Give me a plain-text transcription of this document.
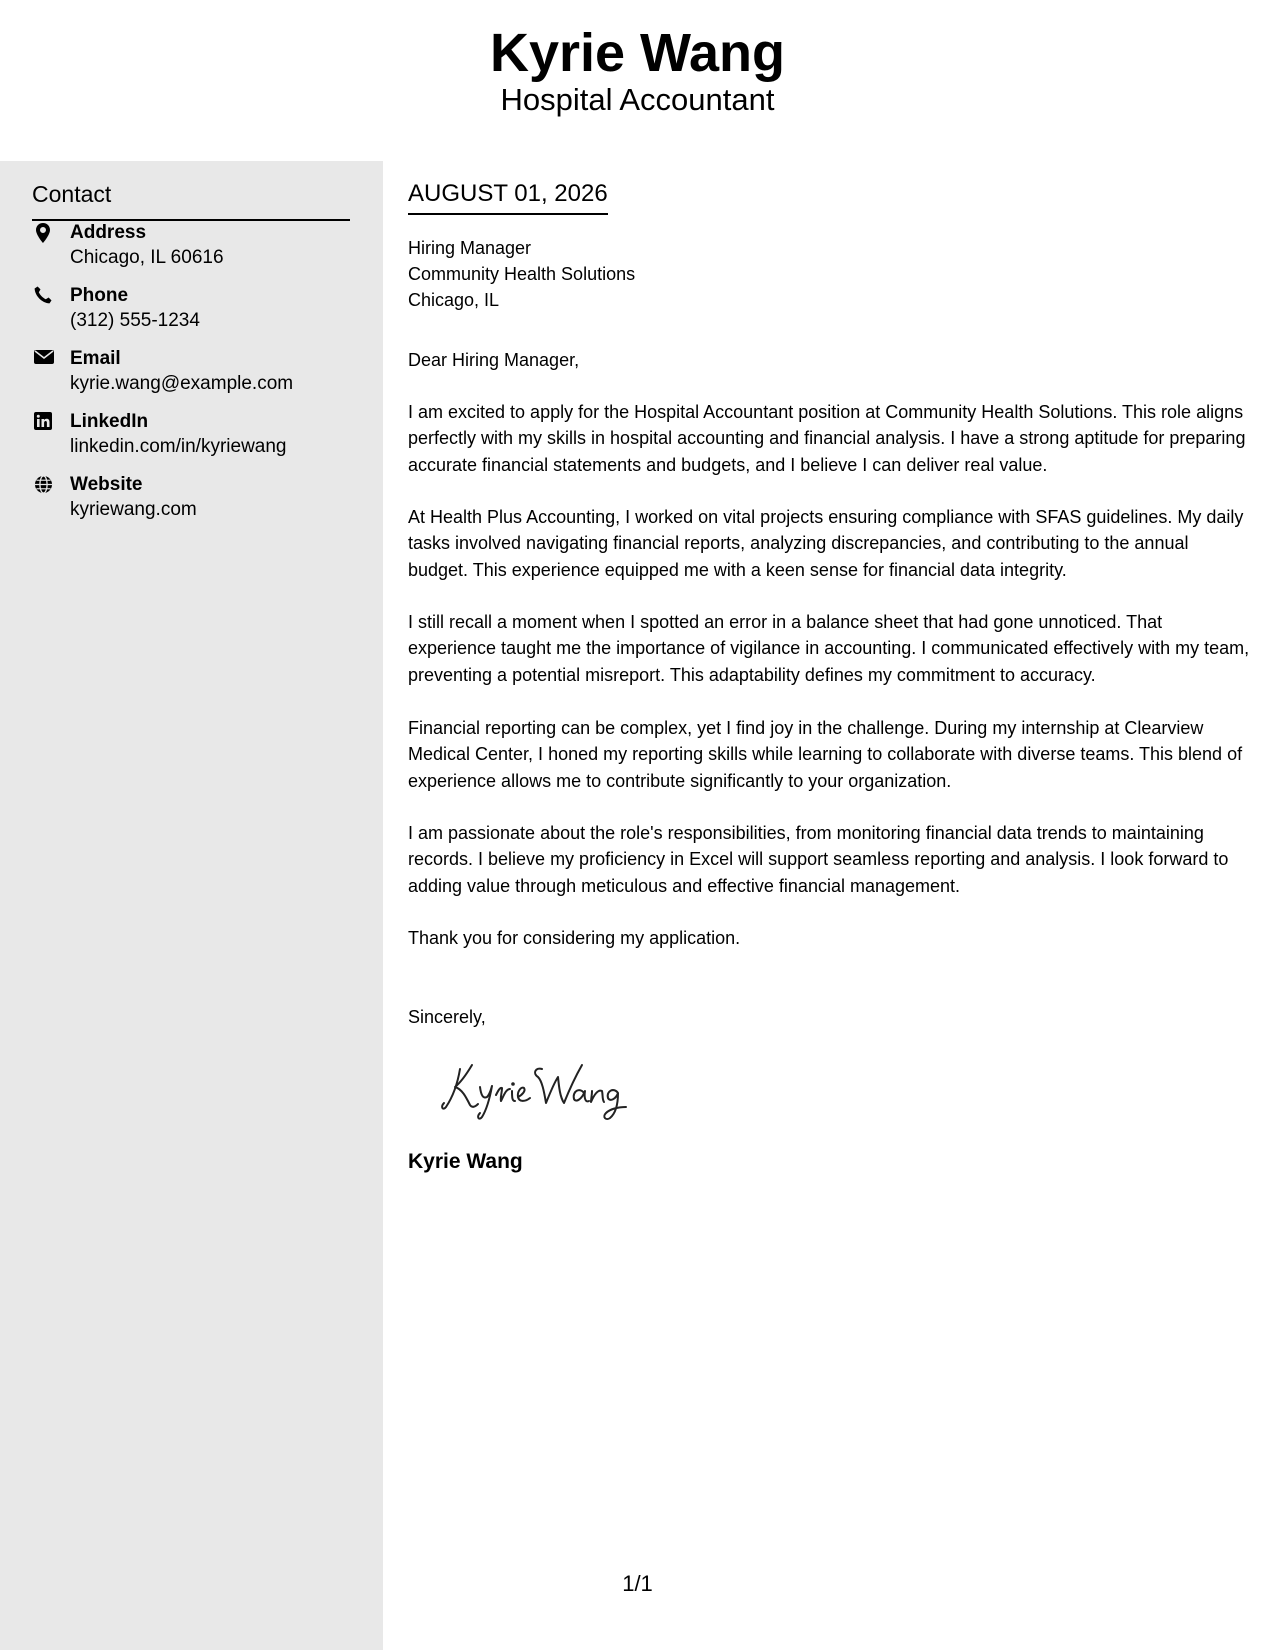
Kyrie Wang
Hospital Accountant
Contact
Address
Chicago, IL 60616
Phone
(312) 555-1234
Email
kyrie.wang@example.com
LinkedIn
linkedin.com/in/kyriewang
Website
kyriewang.com
AUGUST 01, 2026
Hiring Manager
Community Health Solutions
Chicago, IL
Dear Hiring Manager,
I am excited to apply for the Hospital Accountant position at Community Health Solutions. This role aligns perfectly with my skills in hospital accounting and financial analysis. I have a strong aptitude for preparing accurate financial statements and budgets, and I believe I can deliver real value.
At Health Plus Accounting, I worked on vital projects ensuring compliance with SFAS guidelines. My daily tasks involved navigating financial reports, analyzing discrepancies, and contributing to the annual budget. This experience equipped me with a keen sense for financial data integrity.
I still recall a moment when I spotted an error in a balance sheet that had gone unnoticed. That experience taught me the importance of vigilance in accounting. I communicated effectively with my team, preventing a potential misreport. This adaptability defines my commitment to accuracy.
Financial reporting can be complex, yet I find joy in the challenge. During my internship at Clearview Medical Center, I honed my reporting skills while learning to collaborate with diverse teams. This blend of experience allows me to contribute significantly to your organization.
I am passionate about the role's responsibilities, from monitoring financial data trends to maintaining records. I believe my proficiency in Excel will support seamless reporting and analysis. I look forward to adding value through meticulous and effective financial management.
Thank you for considering my application.
Sincerely,
Kyrie Wang
1/1
